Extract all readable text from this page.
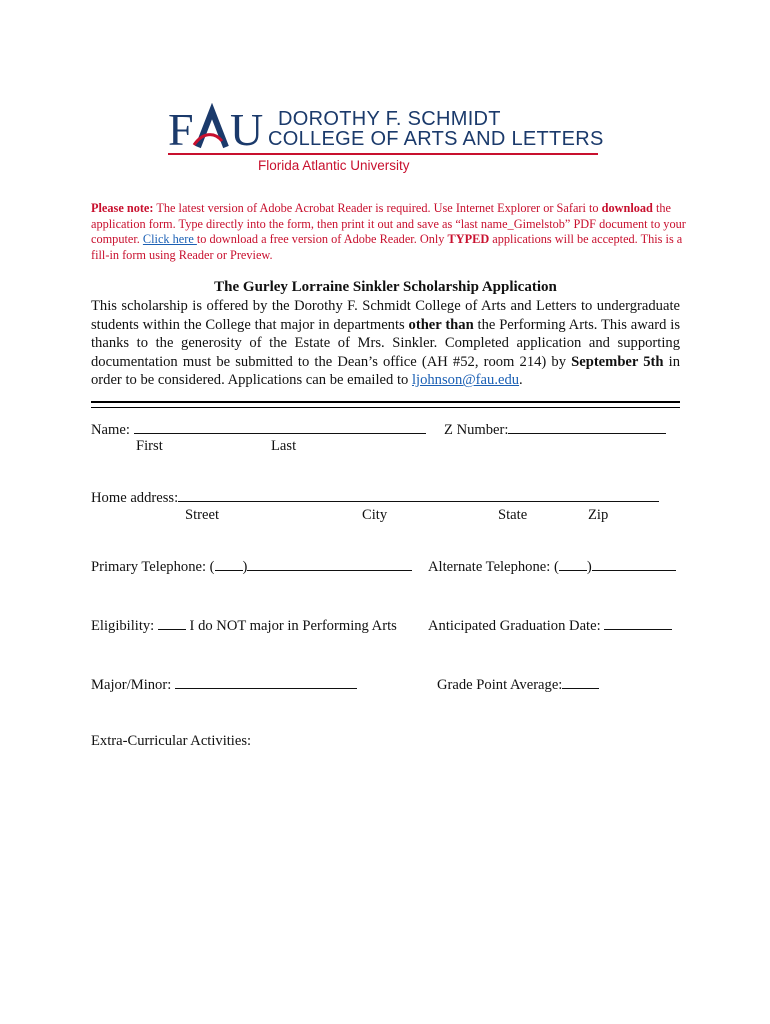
F U DOROTHY F. SCHMIDT
COLLEGE OF ARTS AND LETTERS
Florida Atlantic University
Please note: The latest version of Adobe Acrobat Reader is required. Use Internet Explorer or Safari to download the application form. Type directly into the form, then print it out and save as “last name_Gimelstob” PDF document to your computer. Click here to download a free version of Adobe Reader. Only TYPED applications will be accepted. This is a fill-in form using Reader or Preview.
The Gurley Lorraine Sinkler Scholarship Application
This scholarship is offered by the Dorothy F. Schmidt College of Arts and Letters to undergraduate students within the College that major in departments other than the Performing Arts. This award is thanks to the generosity of the Estate of Mrs. Sinkler. Completed application and supporting documentation must be submitted to the Dean’s office (AH #52, room 214) by September 5th in order to be considered. Applications can be emailed to ljohnson@fau.edu.
Name:	Z Number:
First	Last
Home address:
Street	City	State	Zip
Primary Telephone: ( )	Alternate Telephone: ( )
Eligibility:  I do NOT major in Performing Arts Anticipated Graduation Date:
Major/Minor:	Grade Point Average:
Extra-Curricular Activities:
